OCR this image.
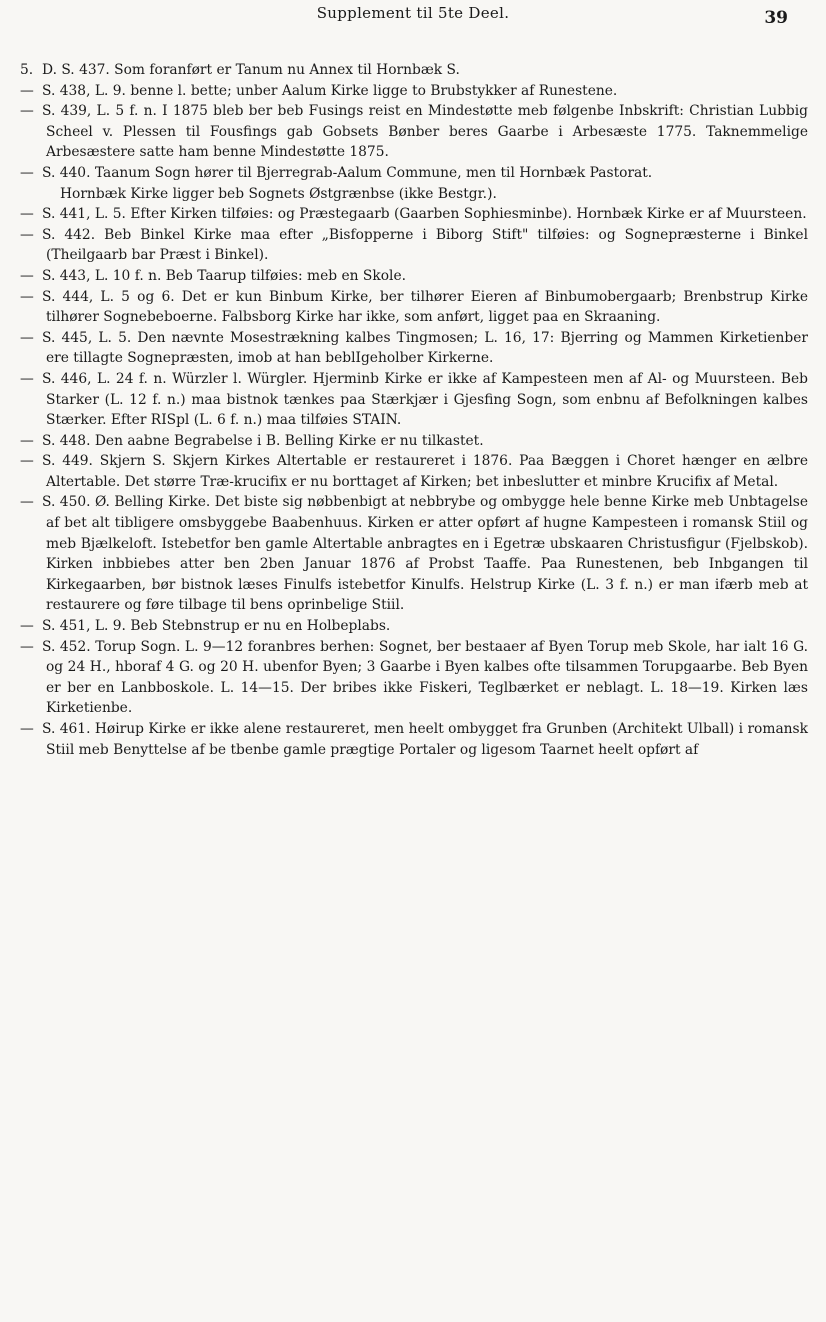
Supplement til 5te Deel.	39

5. D. S. 437. Som foranført er Tanum nu Annex til Hornbæk S.

— S. 438, L. 9. benne l. bette; unber Aalum Kirke ligge to Brubstykker af Runestene.

— S. 439, L. 5 f. n. I 1875 bleb ber beb Fusings reist en Mindestøtte meb følgenbe Inbskrift: Christian Lubbig Scheel v. Plessen til Fousfings gab Gobsets Bønber beres Gaarbe i Arbesæste 1775. Taknemmelige Arbesæstere satte ham benne Mindestøtte 1875.

— S. 440. Taanum Sogn hører til Bjerregrab-Aalum Commune, men til Hornbæk Pastorat.

Hornbæk Kirke ligger beb Sognets Østgrænbse (ikke Bestgr.).

— S. 441, L. 5. Efter Kirken tilføies: og Præstegaarb (Gaarben Sophiesminbe). Hornbæk Kirke er af Muurstеen.

— S. 442. Beb Binkel Kirke maa efter „Bisfopperne i Biborg Stift" tilføies: og Sognepræsterne i Binkel (Theilgaarb bar Præst i Binkel).

— S. 443, L. 10 f. n. Beb Taarup tilføies: meb en Skole.

— S. 444, L. 5 og 6. Det er kun Binbum Kirke, ber tilhører Eieren af Binbumobergaarb; Brenbstrup Kirke tilhører Sognebeboerne. Falbsborg Kirke har ikke, som anført, ligget paa en Skraaning.

— S. 445, L. 5. Den nævnte Mosestrækning kalbes Tingmosen; L. 16, 17: Bjerring og Mammen Kirketienber ere tillagte Sognepræsten, imob at han beblIgeholber Kirkerne.

— S. 446, L. 24 f. n. Würzler l. Würgler. Hjerminb Kirke er ikke af Kampesteen men af Al- og Muurstееn. Beb Starker (L. 12 f. n.) maa bistnok tænkes paa Stærkjær i Gjesfing Sogn, som enbnu af Befolkningen kalbes Stærker. Efter RISpl (L. 6 f. n.) maa tilføies STAIN.

— S. 448. Den aabne Begrabelse i B. Belling Kirke er nu tilkastet.

— S. 449. Skjern S. Skjern Kirkes Altertable er restaureret i 1876. Paa Bæggen i Choret hænger en ælbre Altertable. Det større Træ-krucifix er nu borttaget af Kirken; bet inbeslutter et minbre Krucifix af Metal.

— S. 450. Ø. Belling Kirke. Det biste sig nøbbenbigt at nebbrybe og ombygge hele benne Kirke meb Unbtagelse af bet alt tibligere omsbyggebe Baabenhuus. Kirken er atter opført af hugne Kampesteen i romansk Stiil og meb Bjælkeloft. Istebetfor ben gamle Altertable anbragtes en i Egetræ ubskaaren Christusfigur (Fjelbskob). Kirken inbbiebes atter ben 2ben Januar 1876 af Probst Taaffe. Paa Runestenen, beb Inbgangen til Kirkegaarben, bør bistnok læses Finulfs istebetfor Kinulfs. Helstrup Kirke (L. 3 f. n.) er man ifærb meb at restaurere og føre tilbage til bens oprinbelige Stiil.

— S. 451, L. 9. Beb Stebnstrup er nu en Holbeplabs.

— S. 452. Torup Sogn. L. 9—12 foranbres berhen: Sognet, ber bestaaer af Byen Torup meb Skole, har ialt 16 G. og 24 H., hboraf 4 G. og 20 H. ubenfor Byen; 3 Gaarbe i Byen kalbes ofte tilsammen Torupgaarbe. Beb Byen er ber en Lanbboskole. L. 14—15. Der bribes ikke Fiskeri, Teglbærket er neblagt. L. 18—19. Kirken læs Kirketienbe.

— S. 461. Høirup Kirke er ikke alene restaureret, men heelt ombygget fra Grunben (Architekt Ulball) i romansk Stiil meb Benyttelse af be tbenbe gamle prægtige Portaler og ligesom Taarnet heelt opført af
